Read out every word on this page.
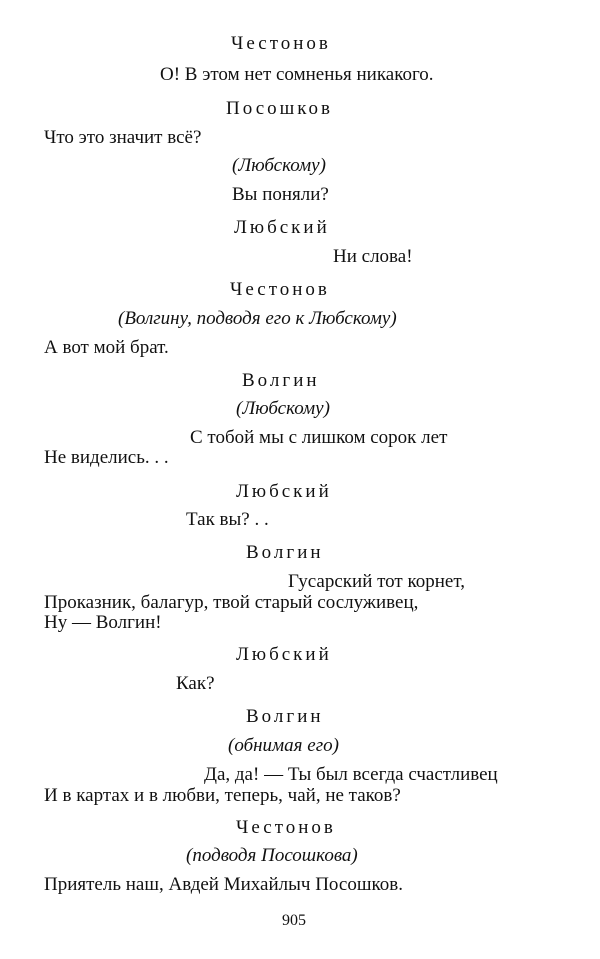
Честонов

О! В этом нет сомненья никакого.

Посошков

Что это значит всё?

(Любскому)

Вы поняли?

Любский

Ни слова!

Честонов

(Волгину, подводя его к Любскому)

А вот мой брат.

Волгин

(Любскому)

С тобой мы с лишком сорок лет

Не виделись. . .

Любский

Так вы? . .

Волгин

Гусарский тот корнет,

Проказник, балагур, твой старый сослуживец,

Ну — Волгин!

Любский

Как?

Волгин

(обнимая его)

Да, да! — Ты был всегда счастливец

И в картах и в любви, теперь, чай, не таков?

Честонов

(подводя Посошкова)

Приятель наш, Авдей Михайлыч Посошков.

905
